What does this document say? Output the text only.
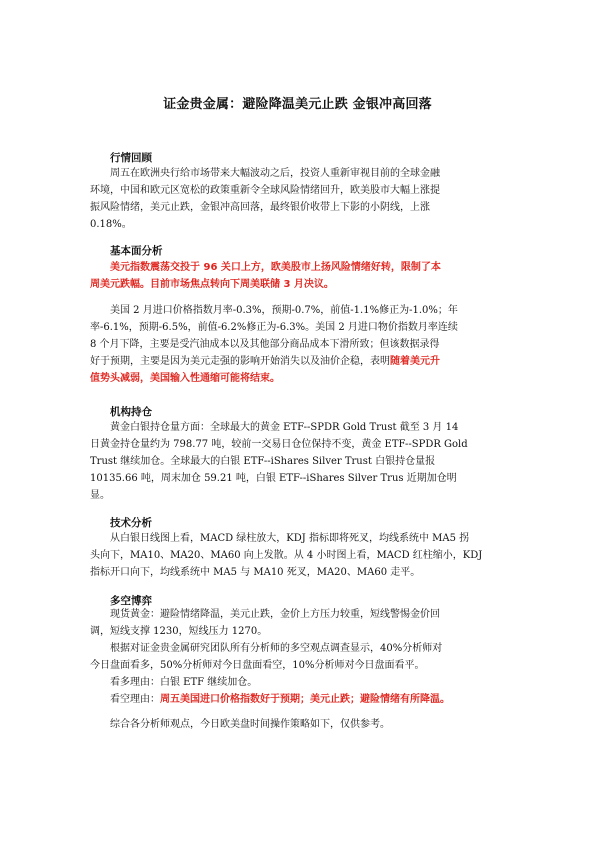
证金贵金属：避险降温美元止跌 金银冲高回落
行情回顾
周五在欧洲央行给市场带来大幅波动之后，投资人重新审视目前的全球金融
环境，中国和欧元区宽松的政策重新令全球风险情绪回升，欧美股市大幅上涨提
振风险情绪，美元止跌，金银冲高回落，最终银价收带上下影的小阴线，上涨
0.18%。
基本面分析
美元指数震荡交投于 96 关口上方，欧美股市上扬风险情绪好转，限制了本
周美元跌幅。目前市场焦点转向下周美联储 3 月决议。
美国 2 月进口价格指数月率-0.3%，预期-0.7%，前值-1.1%修正为-1.0%；年
率-6.1%，预期-6.5%，前值-6.2%修正为-6.3%。美国 2 月进口物价指数月率连续
8 个月下降，主要是受汽油成本以及其他部分商品成本下滑所致；但该数据录得
好于预期，主要是因为美元走强的影响开始消失以及油价企稳，表明随着美元升
值势头减弱，美国输入性通缩可能将结束。
机构持仓
黄金白银持仓量方面：全球最大的黄金 ETF--SPDR Gold Trust 截至 3 月 14
日黄金持仓量约为 798.77 吨，较前一交易日仓位保持不变，黄金 ETF--SPDR Gold
Trust 继续加仓。全球最大的白银 ETF--iShares Silver Trust 白银持仓量报
10135.66 吨，周末加仓 59.21 吨，白银 ETF--iShares Silver Trus 近期加仓明
显。
技术分析
从白银日线图上看，MACD 绿柱放大，KDJ 指标即将死叉，均线系统中 MA5 拐
头向下，MA10、MA20、MA60 向上发散。从 4 小时图上看，MACD 红柱缩小，KDJ
指标开口向下，均线系统中 MA5 与 MA10 死叉，MA20、MA60 走平。
多空博弈
现货黄金：避险情绪降温，美元止跌，金价上方压力较重，短线警惕金价回
调，短线支撑 1230，短线压力 1270。
根据对证金贵金属研究团队所有分析师的多空观点调查显示，40%分析师对
今日盘面看多，50%分析师对今日盘面看空，10%分析师对今日盘面看平。
看多理由：白银 ETF 继续加仓。
看空理由：周五美国进口价格指数好于预期；美元止跌；避险情绪有所降温。
综合各分析师观点，今日欧美盘时间操作策略如下，仅供参考。
